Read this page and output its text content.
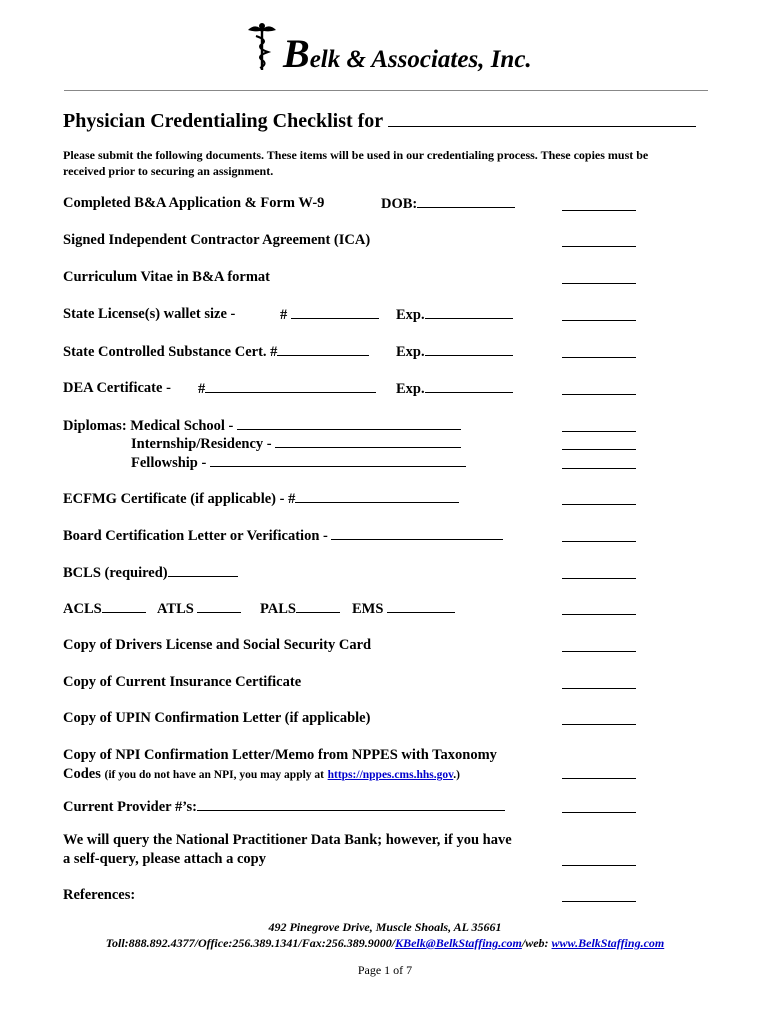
Belk & Associates, Inc.
Physician Credentialing Checklist for
Please submit the following documents. These items will be used in our credentialing process. These copies must be received prior to securing an assignment.
Completed B&A Application & Form W-9	DOB:
Signed Independent Contractor Agreement (ICA)
Curriculum Vitae in B&A format
State License(s) wallet size -	#	Exp.
State Controlled Substance Cert. #	Exp.
DEA Certificate - #	Exp.
Diplomas: Medical School -
Internship/Residency -
Fellowship -
ECFMG Certificate (if applicable) - #
Board Certification Letter or Verification -
BCLS (required)
ACLS	ATLS	PALS	EMS
Copy of Drivers License and Social Security Card
Copy of Current Insurance Certificate
Copy of UPIN Confirmation Letter (if applicable)
Copy of NPI Confirmation Letter/Memo from NPPES with Taxonomy
Codes (if you do not have an NPI, you may apply at https://nppes.cms.hhs.gov.)
Current Provider #’s:
We will query the National Practitioner Data Bank; however, if you have
a self-query, please attach a copy
References:
492 Pinegrove Drive, Muscle Shoals, AL 35661
Toll:888.892.4377/Office:256.389.1341/Fax:256.389.9000/KBelk@BelkStaffing.com/web: www.BelkStaffing.com
Page 1 of 7
